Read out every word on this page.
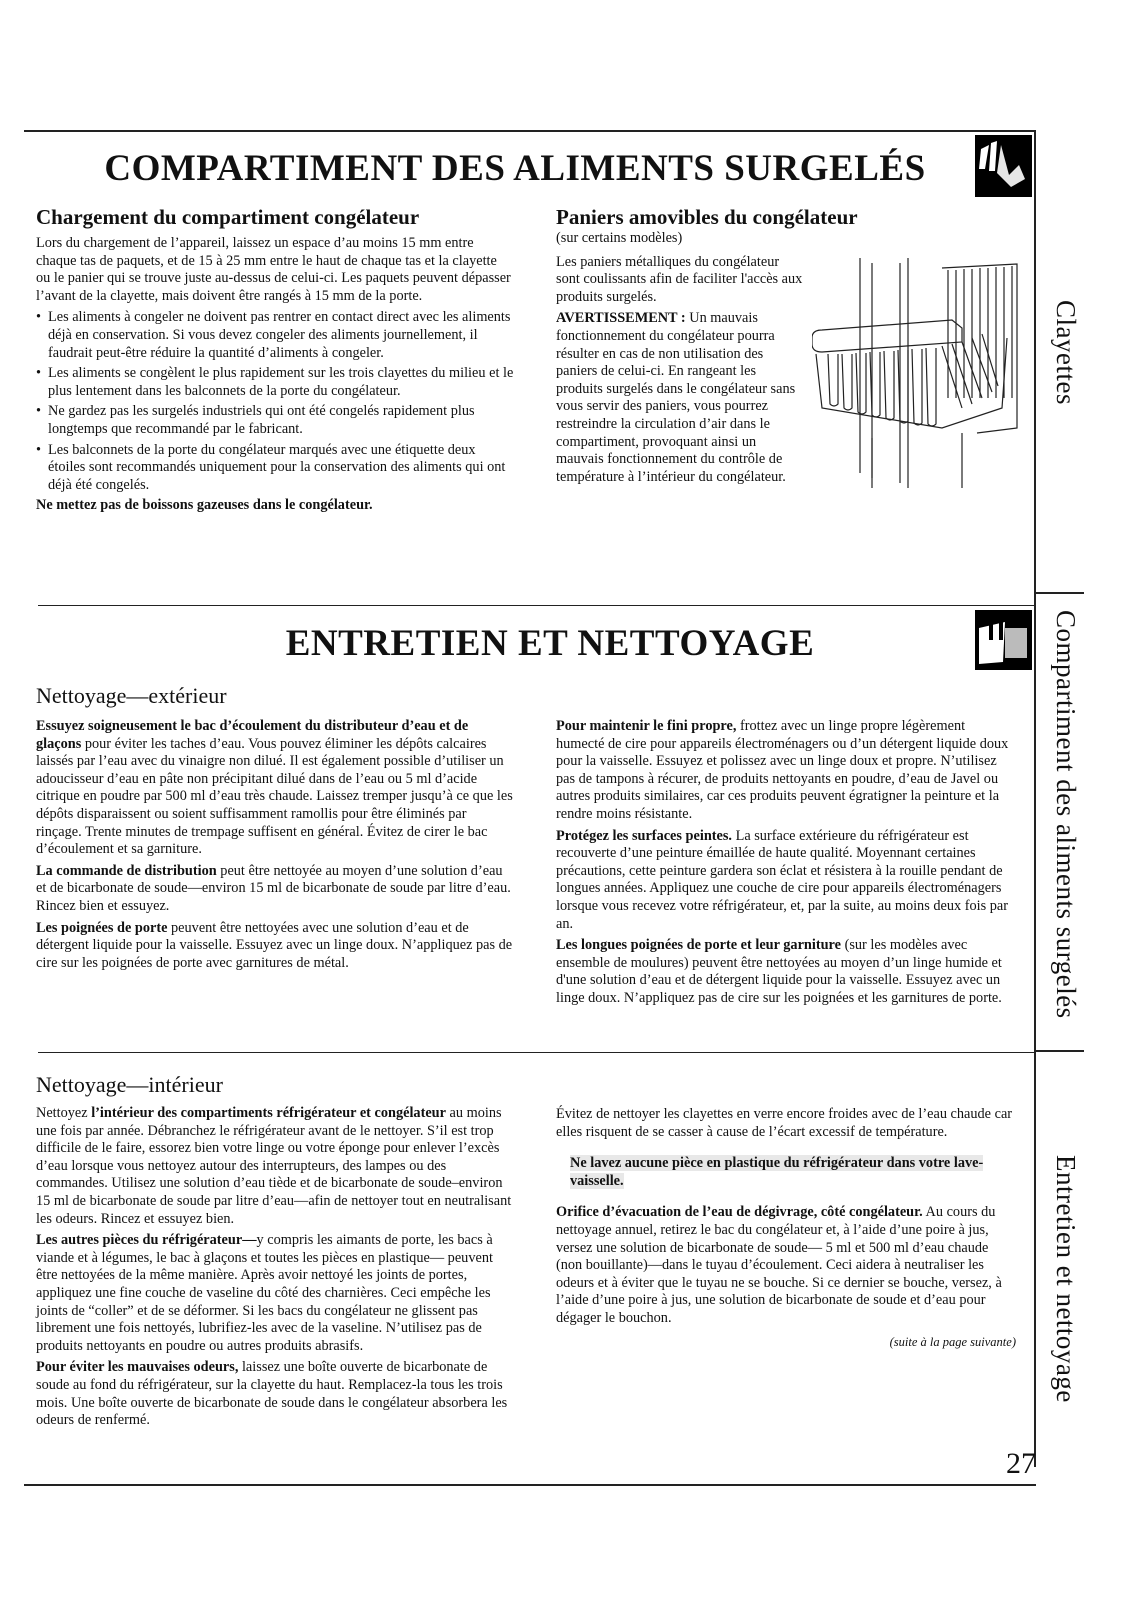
COMPARTIMENT DES ALIMENTS SURGELÉS
Clayettes
Compartiment des aliments surgelés
Entretien et nettoyage
Chargement du compartiment congélateur

Lors du chargement de l’appareil, laissez un espace d’au moins 15 mm entre chaque tas de paquets, et de 15 à 25 mm entre le haut de chaque tas et la clayette ou le panier qui se trouve juste au-dessus de celui-ci. Les paquets peuvent dépasser l’avant de la clayette, mais doivent être rangés à 15 mm de la porte.

• Les aliments à congeler ne doivent pas rentrer en contact direct avec les aliments déjà en conservation. Si vous devez congeler des aliments journellement, il faudrait peut-être réduire la quantité d’aliments à congeler.
• Les aliments se congèlent le plus rapidement sur les trois clayettes du milieu et le plus lentement dans les balconnets de la porte du congélateur.
• Ne gardez pas les surgelés industriels qui ont été congelés rapidement plus longtemps que recommandé par le fabricant.
• Les balconnets de la porte du congélateur marqués avec une étiquette deux étoiles sont recommandés uniquement pour la conservation des aliments qui ont déjà été congelés.

Ne mettez pas de boissons gazeuses dans le congélateur.

Paniers amovibles du congélateur

(sur certains modèles)

Les paniers métalliques du congélateur sont coulissants afin de faciliter l'accès aux produits surgelés.

AVERTISSEMENT : Un mauvais fonctionnement du congélateur pourra résulter en cas de non utilisation des paniers de celui-ci. En rangeant les produits surgelés dans le congélateur sans vous servir des paniers, vous pourrez restreindre la circulation d’air dans le compartiment, provoquant ainsi un mauvais fonctionnement du contrôle de température à l’intérieur du congélateur.

ENTRETIEN ET NETTOYAGE
Nettoyage—extérieur

Essuyez soigneusement le bac d’écoulement du distributeur d’eau et de glaçons pour éviter les taches d’eau. Vous pouvez éliminer les dépôts calcaires laissés par l’eau avec du vinaigre non dilué. Il est également possible d’utiliser un adoucisseur d’eau en pâte non précipitant dilué dans de l’eau ou 5 ml d’acide citrique en poudre par 500 ml d’eau très chaude. Laissez tremper jusqu’à ce que les dépôts disparaissent ou soient suffisamment ramollis pour être éliminés par rinçage. Trente minutes de trempage suffisent en général. Évitez de cirer le bac d’écoulement et sa garniture.

La commande de distribution peut être nettoyée au moyen d’une solution d’eau et de bicarbonate de soude—environ 15 ml de bicarbonate de soude par litre d’eau. Rincez bien et essuyez.

Les poignées de porte peuvent être nettoyées avec une solution d’eau et de détergent liquide pour la vaisselle. Essuyez avec un linge doux. N’appliquez pas de cire sur les poignées de porte avec garnitures de métal.

Pour maintenir le fini propre, frottez avec un linge propre légèrement humecté de cire pour appareils électroménagers ou d’un détergent liquide doux pour la vaisselle. Essuyez et polissez avec un linge doux et propre. N’utilisez pas de tampons à récurer, de produits nettoyants en poudre, d’eau de Javel ou autres produits similaires, car ces produits peuvent égratigner la peinture et la rendre moins résistante.

Protégez les surfaces peintes. La surface extérieure du réfrigérateur est recouverte d’une peinture émaillée de haute qualité. Moyennant certaines précautions, cette peinture gardera son éclat et résistera à la rouille pendant de longues années. Appliquez une couche de cire pour appareils électroménagers lorsque vous recevez votre réfrigérateur, et, par la suite, au moins deux fois par an.

Les longues poignées de porte et leur garniture (sur les modèles avec ensemble de moulures) peuvent être nettoyées au moyen d’un linge humide et d'une solution d’eau et de détergent liquide pour la vaisselle. Essuyez avec un linge doux. N’appliquez pas de cire sur les poignées et les garnitures de porte.

Nettoyage—intérieur

Nettoyez l’intérieur des compartiments réfrigérateur et congélateur au moins une fois par année. Débranchez le réfrigérateur avant de le nettoyer. S’il est trop difficile de le faire, essorez bien votre linge ou votre éponge pour enlever l’excès d’eau lorsque vous nettoyez autour des interrupteurs, des lampes ou des commandes. Utilisez une solution d’eau tiède et de bicarbonate de soude–environ 15 ml de bicarbonate de soude par litre d’eau—afin de nettoyer tout en neutralisant les odeurs. Rincez et essuyez bien.

Les autres pièces du réfrigérateur—y compris les aimants de porte, les bacs à viande et à légumes, le bac à glaçons et toutes les pièces en plastique— peuvent être nettoyées de la même manière. Après avoir nettoyé les joints de portes, appliquez une fine couche de vaseline du côté des charnières. Ceci empêche les joints de “coller” et de se déformer. Si les bacs du congélateur ne glissent pas librement une fois nettoyés, lubrifiez-les avec de la vaseline. N’utilisez pas de produits nettoyants en poudre ou autres produits abrasifs.

Pour éviter les mauvaises odeurs, laissez une boîte ouverte de bicarbonate de soude au fond du réfrigérateur, sur la clayette du haut. Remplacez-la tous les trois mois. Une boîte ouverte de bicarbonate de soude dans le congélateur absorbera les odeurs de renfermé.

Évitez de nettoyer les clayettes en verre encore froides avec de l’eau chaude car elles risquent de se casser à cause de l’écart excessif de température.

Ne lavez aucune pièce en plastique du réfrigérateur dans votre lave-vaisselle.

Orifice d’évacuation de l’eau de dégivrage, côté congélateur. Au cours du nettoyage annuel, retirez le bac du congélateur et, à l’aide d’une poire à jus, versez une solution de bicarbonate de soude— 5 ml et 500 ml d’eau chaude (non bouillante)—dans le tuyau d’écoulement. Ceci aidera à neutraliser les odeurs et à éviter que le tuyau ne se bouche. Si ce dernier se bouche, versez, à l’aide d’une poire à jus, une solution de bicarbonate de soude et d’eau pour dégager le bouchon.

(suite à la page suivante)

27
